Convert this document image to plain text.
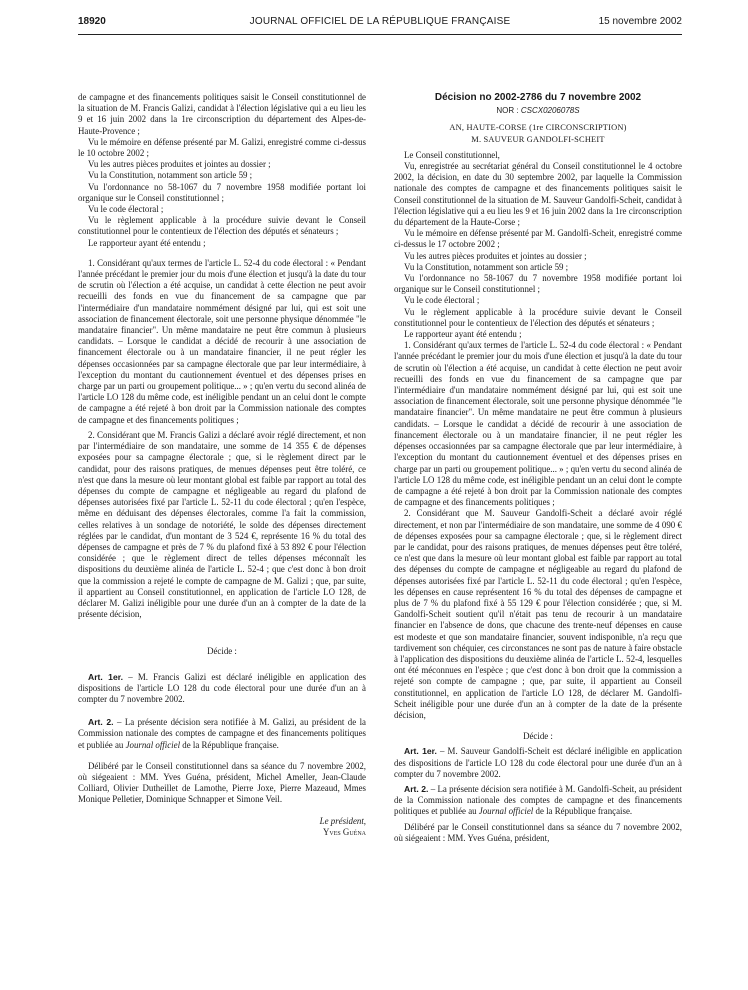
18920	JOURNAL OFFICIEL DE LA RÉPUBLIQUE FRANÇAISE	15 novembre 2002

de campagne et des financements politiques saisit le Conseil constitutionnel de la situation de M. Francis Galizi, candidat à l'élection législative qui a eu lieu les 9 et 16 juin 2002 dans la 1re circonscription du département des Alpes-de-Haute-Provence ;

Vu le mémoire en défense présenté par M. Galizi, enregistré comme ci-dessus le 10 octobre 2002 ;

Vu les autres pièces produites et jointes au dossier ;

Vu la Constitution, notamment son article 59 ;

Vu l'ordonnance no 58-1067 du 7 novembre 1958 modifiée portant loi organique sur le Conseil constitutionnel ;

Vu le code électoral ;

Vu le règlement applicable à la procédure suivie devant le Conseil constitutionnel pour le contentieux de l'élection des députés et sénateurs ;

Le rapporteur ayant été entendu ;

1. Considérant qu'aux termes de l'article L. 52-4 du code électoral : « Pendant l'année précédant le premier jour du mois d'une élection et jusqu'à la date du tour de scrutin où l'élection a été acquise, un candidat à cette élection ne peut avoir recueilli des fonds en vue du financement de sa campagne que par l'intermédiaire d'un mandataire nommément désigné par lui, qui est soit une association de financement électorale, soit une personne physique dénommée "le mandataire financier". Un même mandataire ne peut être commun à plusieurs candidats. – Lorsque le candidat a décidé de recourir à une association de financement électorale ou à un mandataire financier, il ne peut régler les dépenses occasionnées par sa campagne électorale que par leur intermédiaire, à l'exception du montant du cautionnement éventuel et des dépenses prises en charge par un parti ou groupement politique... » ; qu'en vertu du second alinéa de l'article LO 128 du même code, est inéligible pendant un an celui dont le compte de campagne a été rejeté à bon droit par la Commission nationale des comptes de campagne et des financements politiques ;

2. Considérant que M. Francis Galizi a déclaré avoir réglé directement, et non par l'intermédiaire de son mandataire, une somme de 14 355 € de dépenses exposées pour sa campagne électorale ; que, si le règlement direct par le candidat, pour des raisons pratiques, de menues dépenses peut être toléré, ce n'est que dans la mesure où leur montant global est faible par rapport au total des dépenses du compte de campagne et négligeable au regard du plafond de dépenses autorisées fixé par l'article L. 52-11 du code électoral ; qu'en l'espèce, même en déduisant des dépenses électorales, comme l'a fait la commission, celles relatives à un sondage de notoriété, le solde des dépenses directement réglées par le candidat, d'un montant de 3 524 €, représente 16 % du total des dépenses de campagne et près de 7 % du plafond fixé à 53 892 € pour l'élection considérée ; que le règlement direct de telles dépenses méconnaît les dispositions du deuxième alinéa de l'article L. 52-4 ; que c'est donc à bon droit que la commission a rejeté le compte de campagne de M. Galizi ; que, par suite, il appartient au Conseil constitutionnel, en application de l'article LO 128, de déclarer M. Galizi inéligible pour une durée d'un an à compter de la date de la présente décision,

Décide :

Art. 1er. – M. Francis Galizi est déclaré inéligible en application des dispositions de l'article LO 128 du code électoral pour une durée d'un an à compter du 7 novembre 2002.

Art. 2. – La présente décision sera notifiée à M. Galizi, au président de la Commission nationale des comptes de campagne et des financements politiques et publiée au Journal officiel de la République française.

Délibéré par le Conseil constitutionnel dans sa séance du 7 novembre 2002, où siégeaient : MM. Yves Guéna, président, Michel Ameller, Jean-Claude Colliard, Olivier Dutheillet de Lamothe, Pierre Joxe, Pierre Mazeaud, Mmes Monique Pelletier, Dominique Schnapper et Simone Veil.

Le président,

Yves Guéna

Décision no 2002-2786 du 7 novembre 2002

NOR : CSCX0206078S

AN, HAUTE-CORSE (1re CIRCONSCRIPTION)

M. SAUVEUR GANDOLFI-SCHEIT

Le Conseil constitutionnel,

Vu, enregistrée au secrétariat général du Conseil constitutionnel le 4 octobre 2002, la décision, en date du 30 septembre 2002, par laquelle la Commission nationale des comptes de campagne et des financements politiques saisit le Conseil constitutionnel de la situation de M. Sauveur Gandolfi-Scheit, candidat à l'élection législative qui a eu lieu les 9 et 16 juin 2002 dans la 1re circonscription du département de la Haute-Corse ;

Vu le mémoire en défense présenté par M. Gandolfi-Scheit, enregistré comme ci-dessus le 17 octobre 2002 ;

Vu les autres pièces produites et jointes au dossier ;

Vu la Constitution, notamment son article 59 ;

Vu l'ordonnance no 58-1067 du 7 novembre 1958 modifiée portant loi organique sur le Conseil constitutionnel ;

Vu le code électoral ;

Vu le règlement applicable à la procédure suivie devant le Conseil constitutionnel pour le contentieux de l'élection des députés et sénateurs ;

Le rapporteur ayant été entendu ;

1. Considérant qu'aux termes de l'article L. 52-4 du code électoral : « Pendant l'année précédant le premier jour du mois d'une élection et jusqu'à la date du tour de scrutin où l'élection a été acquise, un candidat à cette élection ne peut avoir recueilli des fonds en vue du financement de sa campagne que par l'intermédiaire d'un mandataire nommément désigné par lui, qui est soit une association de financement électorale, soit une personne physique dénommée "le mandataire financier". Un même mandataire ne peut être commun à plusieurs candidats. – Lorsque le candidat a décidé de recourir à une association de financement électorale ou à un mandataire financier, il ne peut régler les dépenses occasionnées par sa campagne électorale que par leur intermédiaire, à l'exception du montant du cautionnement éventuel et des dépenses prises en charge par un parti ou groupement politique... » ; qu'en vertu du second alinéa de l'article LO 128 du même code, est inéligible pendant un an celui dont le compte de campagne a été rejeté à bon droit par la Commission nationale des comptes de campagne et des financements politiques ;

2. Considérant que M. Sauveur Gandolfi-Scheit a déclaré avoir réglé directement, et non par l'intermédiaire de son mandataire, une somme de 4 090 € de dépenses exposées pour sa campagne électorale ; que, si le règlement direct par le candidat, pour des raisons pratiques, de menues dépenses peut être toléré, ce n'est que dans la mesure où leur montant global est faible par rapport au total des dépenses du compte de campagne et négligeable au regard du plafond de dépenses autorisées fixé par l'article L. 52-11 du code électoral ; qu'en l'espèce, les dépenses en cause représentent 16 % du total des dépenses de campagne et plus de 7 % du plafond fixé à 55 129 € pour l'élection considérée ; que, si M. Gandolfi-Scheit soutient qu'il n'était pas tenu de recourir à un mandataire financier en l'absence de dons, que chacune des trente-neuf dépenses en cause est modeste et que son mandataire financier, souvent indisponible, n'a reçu que tardivement son chéquier, ces circonstances ne sont pas de nature à faire obstacle à l'application des dispositions du deuxième alinéa de l'article L. 52-4, lesquelles ont été méconnues en l'espèce ; que c'est donc à bon droit que la commission a rejeté son compte de campagne ; que, par suite, il appartient au Conseil constitutionnel, en application de l'article LO 128, de déclarer M. Gandolfi-Scheit inéligible pour une durée d'un an à compter de la date de la présente décision,

Décide :

Art. 1er. – M. Sauveur Gandolfi-Scheit est déclaré inéligible en application des dispositions de l'article LO 128 du code électoral pour une durée d'un an à compter du 7 novembre 2002.

Art. 2. – La présente décision sera notifiée à M. Gandolfi-Scheit, au président de la Commission nationale des comptes de campagne et des financements politiques et publiée au Journal officiel de la République française.

Délibéré par le Conseil constitutionnel dans sa séance du 7 novembre 2002, où siégeaient : MM. Yves Guéna, président,
